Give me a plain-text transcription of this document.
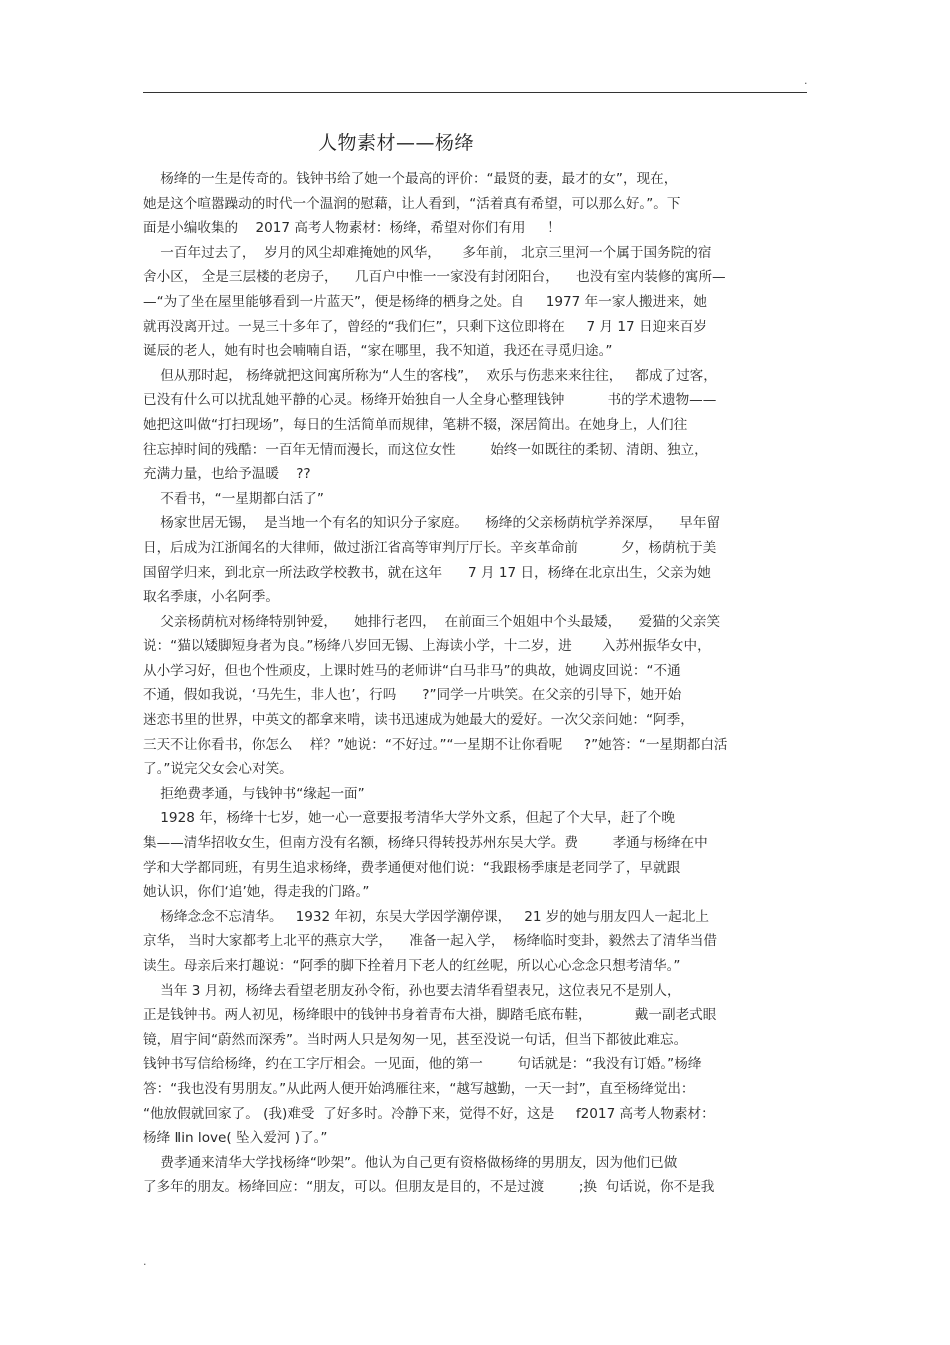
.
人物素材——杨绛
杨绛的一生是传奇的。钱钟书给了她一个最高的评价：“最贤的妻，最才的女”，现在，
她是这个喧嚣躁动的时代一个温润的慰藉，让人看到，“活着真有希望，可以那么好。”。下
面是小编收集的    2017 高考人物素材：杨绛，希望对你们有用     ！
一百年过去了，  岁月的风尘却难掩她的风华，     多年前， 北京三里河一个属于国务院的宿
舍小区， 全是三层楼的老房子，    几百户中惟一一家没有封闭阳台，    也没有室内装修的寓所—
—“为了坐在屋里能够看到一片蓝天”，便是杨绛的栖身之处。自     1977 年一家人搬进来，她
就再没离开过。一晃三十多年了，曾经的“我们仨”，只剩下这位即将在     7 月 17 日迎来百岁
诞辰的老人，她有时也会喃喃自语，“家在哪里，我不知道，我还在寻觅归途。”
但从那时起， 杨绛就把这间寓所称为“人生的客栈”，  欢乐与伤悲来来往往，   都成了过客，
已没有什么可以扰乱她平静的心灵。杨绛开始独自一人全身心整理钱钟          书的学术遗物——
她把这叫做“打扫现场”，每日的生活简单而规律，笔耕不辍，深居简出。在她身上，人们往
往忘掉时间的残酷：一百年无情而漫长，而这位女性        始终一如既往的柔韧、清朗、独立，
充满力量，也给予温暖    ??
不看书，“一星期都白活了”
杨家世居无锡，  是当地一个有名的知识分子家庭。    杨绛的父亲杨荫杭学养深厚，    早年留
日，后成为江浙闻名的大律师，做过浙江省高等审判厅厅长。辛亥革命前          夕，杨荫杭于美
国留学归来，到北京一所法政学校教书，就在这年      7 月 17 日，杨绛在北京出生，父亲为她
取名季康，小名阿季。
父亲杨荫杭对杨绛特别钟爱，    她排行老四，  在前面三个姐姐中个头最矮，    爱猫的父亲笑
说：“猫以矮脚短身者为良。”杨绛八岁回无锡、上海读小学，十二岁，进       入苏州振华女中，
从小学习好，但也个性顽皮，上课时姓马的老师讲“白马非马”的典故，她调皮回说：“不通
不通，假如我说，‘马先生，非人也’，行吗      ?”同学一片哄笑。在父亲的引导下，她开始
迷恋书里的世界，中英文的都拿来啃，读书迅速成为她最大的爱好。一次父亲问她：“阿季，
三天不让你看书，你怎么    样？”她说：“不好过。”“一星期不让你看呢     ?”她答：“一星期都白活
了。”说完父女会心对笑。
拒绝费孝通，与钱钟书“缘起一面”
1928 年，杨绛十七岁，她一心一意要报考清华大学外文系，但起了个大早，赶了个晚
集——清华招收女生，但南方没有名额，杨绛只得转投苏州东吴大学。费        孝通与杨绛在中
学和大学都同班，有男生追求杨绛，费孝通便对他们说：“我跟杨季康是老同学了，早就跟
她认识，你们‘追’她，得走我的门路。”
杨绛念念不忘清华。   1932 年初，东吴大学因学潮停课，   21 岁的她与朋友四人一起北上
京华， 当时大家都考上北平的燕京大学，    准备一起入学，  杨绛临时变卦，毅然去了清华当借
读生。母亲后来打趣说：“阿季的脚下拴着月下老人的红丝呢，所以心心念念只想考清华。”
当年 3 月初，杨绛去看望老朋友孙令衔，孙也要去清华看望表兄，这位表兄不是别人，
正是钱钟书。两人初见，杨绛眼中的钱钟书身着青布大褂，脚踏毛底布鞋，          戴一副老式眼
镜，眉宇间“蔚然而深秀”。当时两人只是匆匆一见，甚至没说一句话，但当下都彼此难忘。
钱钟书写信给杨绛，约在工字厅相会。一见面，他的第一        句话就是：“我没有订婚。”杨绛
答：“我也没有男朋友。”从此两人便开始鸿雁往来，“越写越勤，一天一封”，直至杨绛觉出：
“他放假就回家了。 (我)难受  了好多时。冷静下来，觉得不好，这是     f2017 高考人物素材：
杨绛 Ⅱin love( 坠入爱河 )了。”
费孝通来清华大学找杨绛“吵架”。他认为自己更有资格做杨绛的男朋友，因为他们已做
了多年的朋友。杨绛回应：“朋友，可以。但朋友是目的，不是过渡        ;换  句话说，你不是我
.
